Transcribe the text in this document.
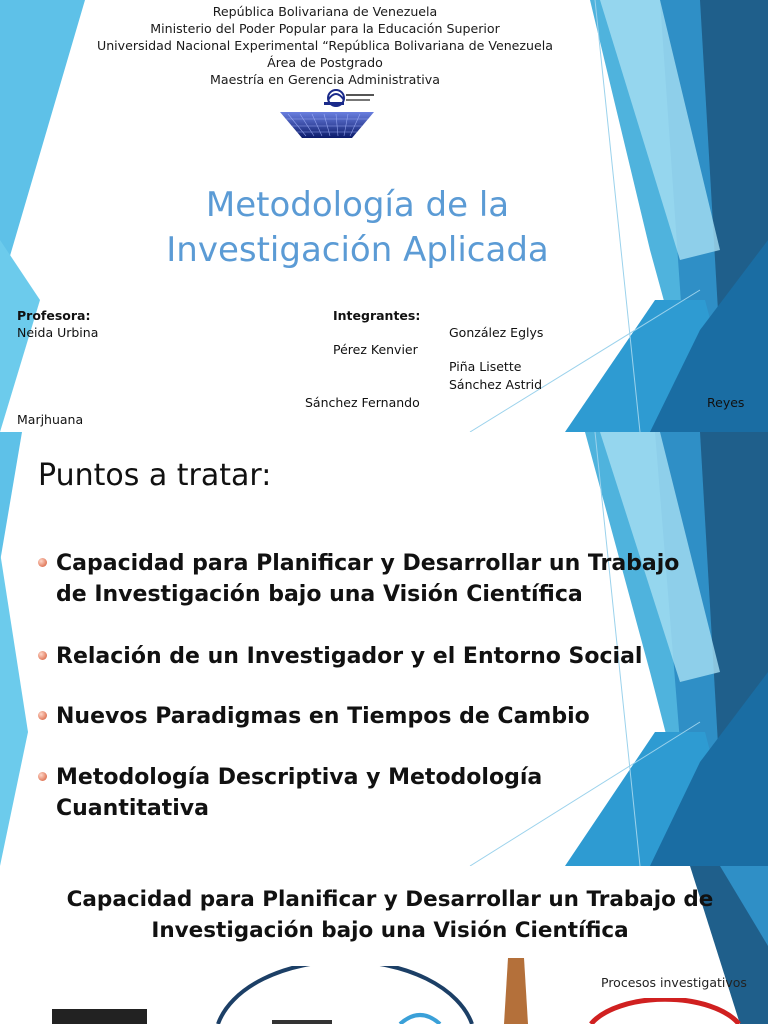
República Bolivariana de Venezuela
Ministerio del Poder Popular para la Educación Superior
Universidad Nacional Experimental “República Bolivariana de Venezuela
Área de Postgrado
Maestría en Gerencia Administrativa
Metodología de la
Investigación Aplicada
Profesora:
Neida Urbina
Integrantes:
González Eglys
Pérez Kenvier
Piña Lisette
Sánchez Astrid
Sánchez Fernando	Reyes
Marjhuana
Puntos a tratar:
Capacidad para Planificar y Desarrollar un Trabajo de Investigación bajo una Visión Científica
Relación de un Investigador y el Entorno Social
Nuevos Paradigmas en Tiempos de Cambio
Metodología Descriptiva y Metodología Cuantitativa
Capacidad para Planificar y Desarrollar un Trabajo de
Investigación bajo una Visión Científica
Procesos investigativos
